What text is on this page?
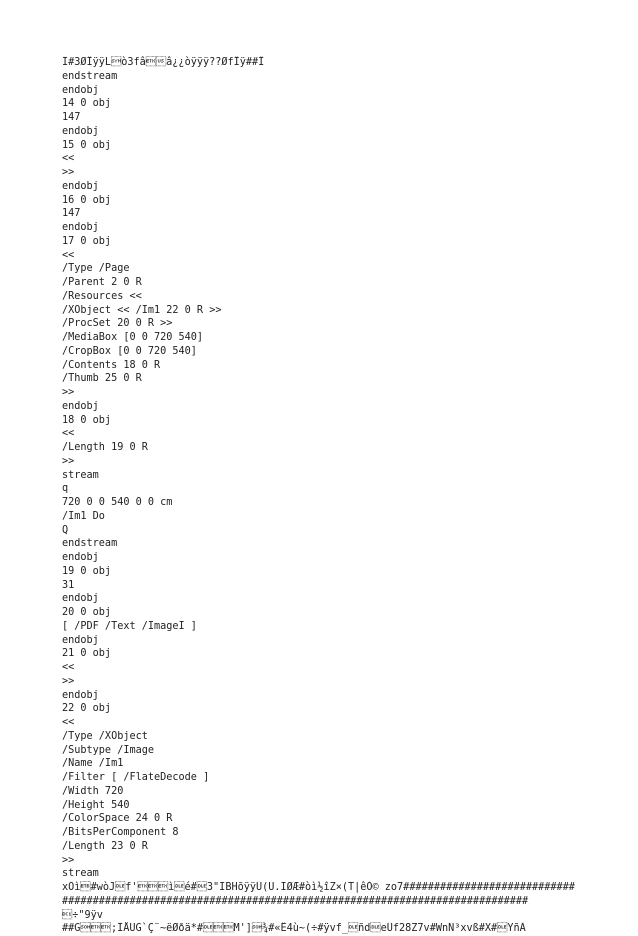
Ï#3ØÎÿÿLò3fââ¿¿òÿÿÿ??ØfÎÿ##Î
endstream
endobj
14 0 obj
147
endobj
15 0 obj
<<
>>
endobj
16 0 obj
147
endobj
17 0 obj
<<
/Type /Page
/Parent 2 0 R
/Resources <<
/XObject << /Im1 22 0 R >>
/ProcSet 20 0 R >>
/MediaBox [0 0 720 540]
/CropBox [0 0 720 540]
/Contents 18 0 R
/Thumb 25 0 R
>>
endobj
18 0 obj
<<
/Length 19 0 R
>>
stream
q
720 0 0 540 0 0 cm
/Im1 Do
Q
endstream
endobj
19 0 obj
31
endobj
20 0 obj
[ /PDF /Text /ImageI ]
endobj
21 0 obj
<<
>>
endobj
22 0 obj
<<
/Type /XObject
/Subtype /Image
/Name /Im1
/Filter [ /FlateDecode ]
/Width 720
/Height 540
/ColorSpace 24 0 R
/BitsPerComponent 8
/Length 23 0 R
>>
stream
xÖì#wòJf'ìé#3"IBHõÿÿÜ(U.IØÆ#òì½îZ×(T|êÓ© zo7############################
############################################################################
÷"9ÿv
##G;ÏÅUG`Ç¨~ëØðä*#M']¾#«Ê4ù~(÷#ÿvf_ñdeÜf28Z7v#WnÑ³xvß#X#YñÄ
